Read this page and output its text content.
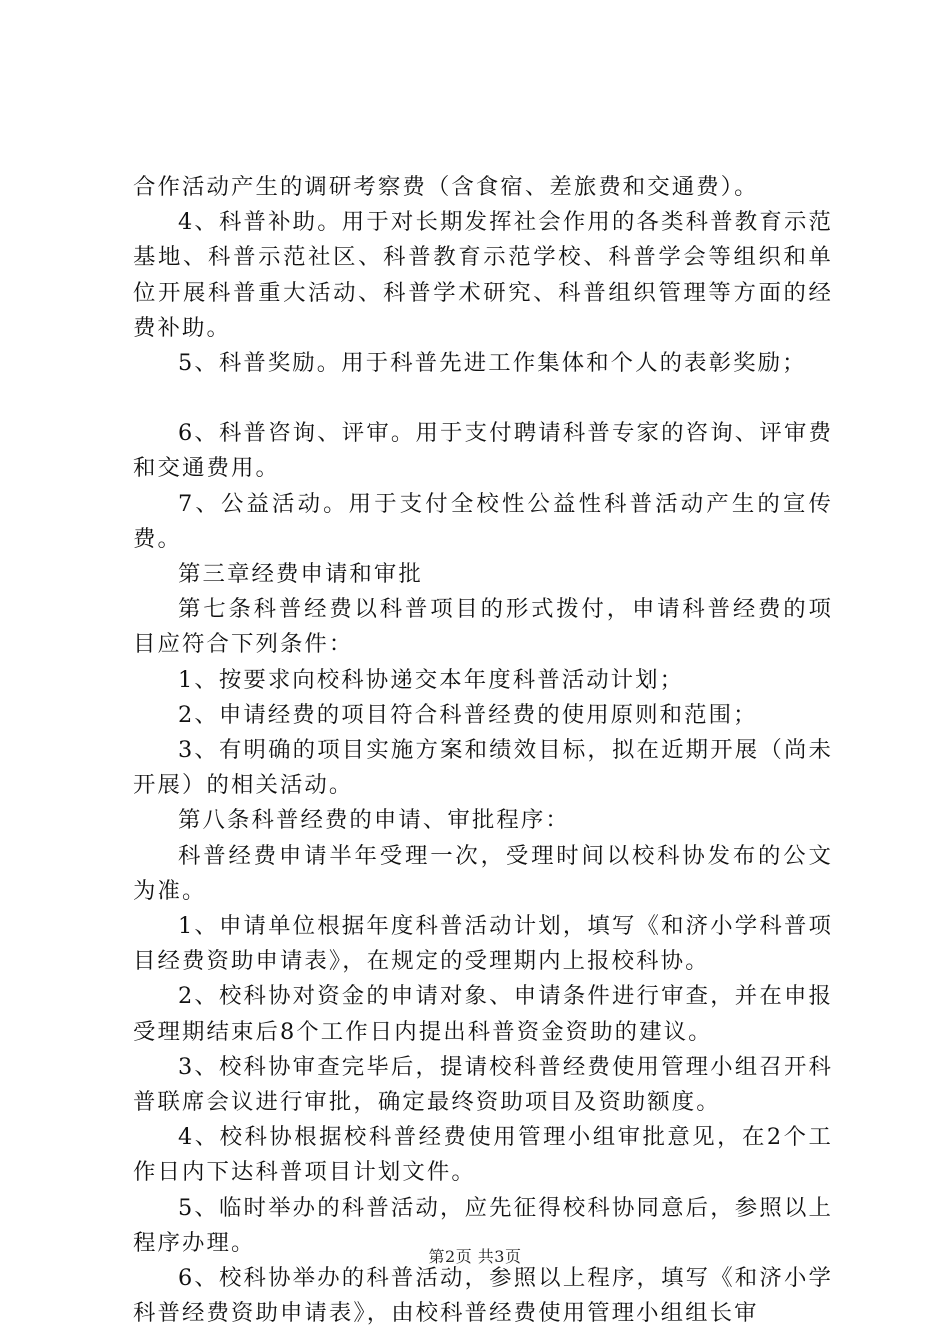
合作活动产生的调研考察费（含食宿、差旅费和交通费）。

4、科普补助。用于对长期发挥社会作用的各类科普教育示范基地、科普示范社区、科普教育示范学校、科普学会等组织和单位开展科普重大活动、科普学术研究、科普组织管理等方面的经费补助。

5、科普奖励。用于科普先进工作集体和个人的表彰奖励；

6、科普咨询、评审。用于支付聘请科普专家的咨询、评审费和交通费用。

7、公益活动。用于支付全校性公益性科普活动产生的宣传费。

第三章经费申请和审批

第七条科普经费以科普项目的形式拨付，申请科普经费的项目应符合下列条件：

1、按要求向校科协递交本年度科普活动计划；

2、申请经费的项目符合科普经费的使用原则和范围；

3、有明确的项目实施方案和绩效目标，拟在近期开展（尚未开展）的相关活动。

第八条科普经费的申请、审批程序：

科普经费申请半年受理一次，受理时间以校科协发布的公文为准。

1、申请单位根据年度科普活动计划，填写《和济小学科普项目经费资助申请表》，在规定的受理期内上报校科协。

2、校科协对资金的申请对象、申请条件进行审查，并在申报受理期结束后8个工作日内提出科普资金资助的建议。

3、校科协审查完毕后，提请校科普经费使用管理小组召开科普联席会议进行审批，确定最终资助项目及资助额度。

4、校科协根据校科普经费使用管理小组审批意见，在2个工作日内下达科普项目计划文件。

5、临时举办的科普活动，应先征得校科协同意后，参照以上程序办理。

6、校科协举办的科普活动，参照以上程序，填写《和济小学科普经费资助申请表》，由校科普经费使用管理小组组长审

第2页 共3页
